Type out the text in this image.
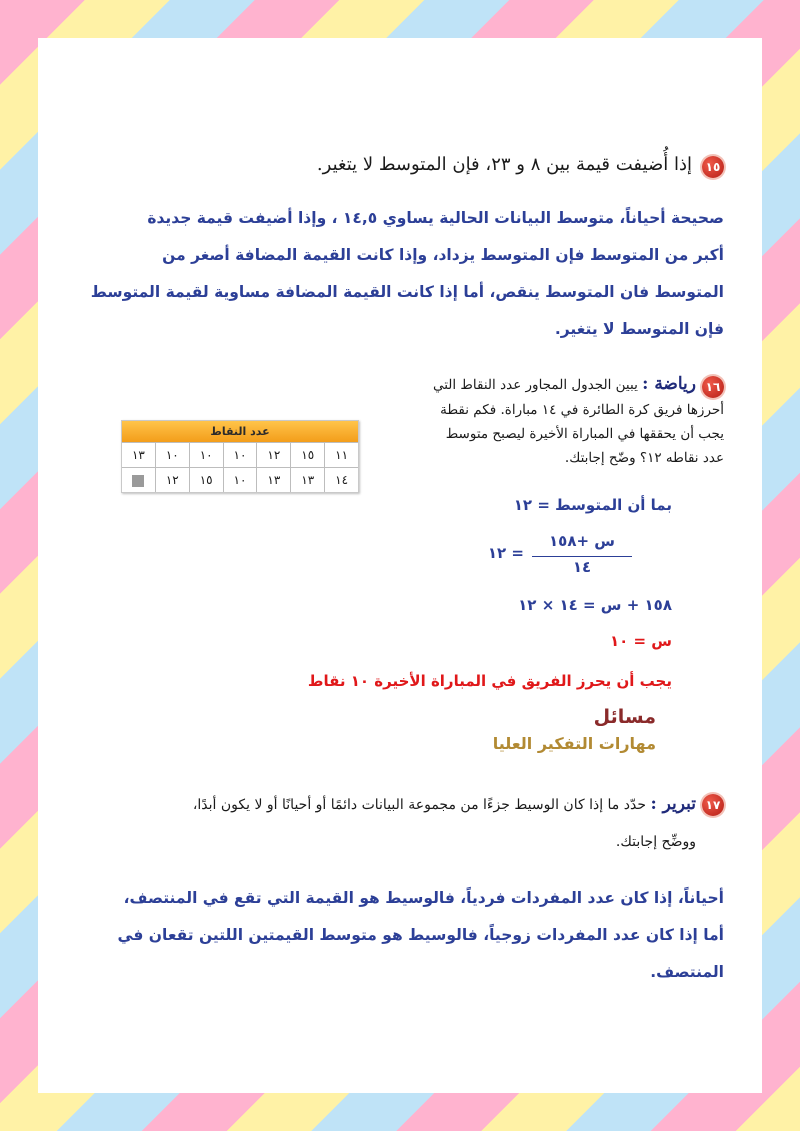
١٥
إذا أُضيفت قيمة بين ٨ و ٢٣، فإن المتوسط لا يتغير.
صحيحة أحياناً، متوسط البيانات الحالية يساوي ١٤,٥ ، وإذا أضيفت قيمة جديدة
أكبر من المتوسط فإن المتوسط يزداد، وإذا كانت القيمة المضافة أصغر من
المتوسط فان المتوسط ينقص، أما إذا كانت القيمة المضافة مساوية لقيمة المتوسط
فإن المتوسط لا يتغير.
١٦
رياضة : يبين الجدول المجاور عدد النقاط التي
أحرزها فريق كرة الطائرة في ١٤ مباراة. فكم نقطة
يجب أن يحققها في المباراة الأخيرة ليصبح متوسط
عدد نقاطه ١٢؟ وضّح إجابتك.
عدد النقاط
١١
١٥
١٢
١٠
١٠
١٠
١٣
١٤
١٣
١٣
١٠
١٥
١٢
بما أن المتوسط = ١٢
س +١٥٨
١٤
= ١٢
١٥٨ + س = ١٤ × ١٢
س = ١٠
يجب أن يحرز الفريق في المباراة الأخيرة ١٠ نقاط
مسائل
مهارات التفكير العليا
١٧
تبرير : حدّد ما إذا كان الوسيط جزءًا من مجموعة البيانات دائمًا أو أحيانًا أو لا يكون أبدًا،
ووضِّح إجابتك.
أحياناً، إذا كان عدد المفردات فردياً، فالوسيط هو القيمة التي تقع في المنتصف،
أما إذا كان عدد المفردات زوجياً، فالوسيط هو متوسط القيمتين اللتين تقعان في
المنتصف.
